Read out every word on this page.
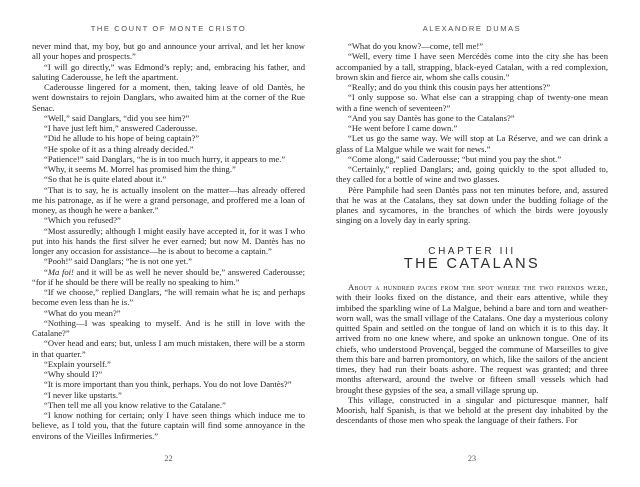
THE COUNT OF MONTE CRISTO

never mind that, my boy, but go and announce your arrival, and let her know all your hopes and prospects.”

“I will go directly,” was Edmond’s reply; and, embracing his father, and saluting Caderousse, he left the apartment.

Caderousse lingered for a moment, then, taking leave of old Dantès, he went downstairs to rejoin Danglars, who awaited him at the corner of the Rue Senac.

“Well,” said Danglars, “did you see him?”

“I have just left him,” answered Caderousse.

“Did he allude to his hope of being captain?”

“He spoke of it as a thing already decided.”

“Patience!” said Danglars, “he is in too much hurry, it appears to me.”

“Why, it seems M. Morrel has promised him the thing.”

“So that he is quite elated about it.”

“That is to say, he is actually insolent on the matter—has already offered me his patronage, as if he were a grand personage, and proffered me a loan of money, as though he were a banker.”

“Which you refused?”

“Most assuredly; although I might easily have accepted it, for it was I who put into his hands the first silver he ever earned; but now M. Dantès has no longer any occasion for assistance—he is about to become a captain.”

“Pooh!” said Danglars; “he is not one yet.”

“Ma foi! and it will be as well he never should be,” answered Caderousse; “for if he should be there will be really no speaking to him.”

“If we choose,” replied Danglars, “he will remain what he is; and perhaps become even less than he is.”

“What do you mean?”

“Nothing—I was speaking to myself. And is he still in love with the Catalane?”

“Over head and ears; but, unless I am much mistaken, there will be a storm in that quarter.”

“Explain yourself.”

“Why should I?”

“It is more important than you think, perhaps. You do not love Dantès?”

“I never like upstarts.”

“Then tell me all you know relative to the Catalane.”

“I know nothing for certain; only I have seen things which induce me to believe, as I told you, that the future captain will find some annoyance in the environs of the Vieilles Infirmeries.”

22
ALEXANDRE DUMAS

“What do you know?—come, tell me!”

“Well, every time I have seen Mercédès come into the city she has been accompanied by a tall, strapping, black-eyed Catalan, with a red complexion, brown skin and fierce air, whom she calls cousin.”

“Really; and do you think this cousin pays her attentions?”

“I only suppose so. What else can a strapping chap of twenty-one mean with a fine wench of seventeen?”

“And you say Dantès has gone to the Catalans?”

“He went before I came down.”

“Let us go the same way. We will stop at La Réserve, and we can drink a glass of La Malgue while we wait for news.”

“Come along,” said Caderousse; “but mind you pay the shot.”

“Certainly,” replied Danglars; and, going quickly to the spot alluded to, they called for a bottle of wine and two glasses.

Père Pamphile had seen Dantès pass not ten minutes before, and, assured that he was at the Catalans, they sat down under the budding foliage of the planes and sycamores, in the branches of which the birds were joyously singing on a lovely day in early spring.

CHAPTER III
THE CATALANS

About a hundred paces from the spot where the two friends were, with their looks fixed on the distance, and their ears attentive, while they imbibed the sparkling wine of La Malgue, behind a bare and torn and weather-worn wall, was the small village of the Catalans. One day a mysterious colony quitted Spain and settled on the tongue of land on which it is to this day. It arrived from no one knew where, and spoke an unknown tongue. One of its chiefs, who understood Provençal, begged the commune of Marseilles to give them this bare and barren promontory, on which, like the sailors of the ancient times, they had run their boats ashore. The request was granted; and three months afterward, around the twelve or fifteen small vessels which had brought these gypsies of the sea, a small village sprung up.

This village, constructed in a singular and picturesque manner, half Moorish, half Spanish, is that we behold at the present day inhabited by the descendants of those men who speak the language of their fathers. For

23
